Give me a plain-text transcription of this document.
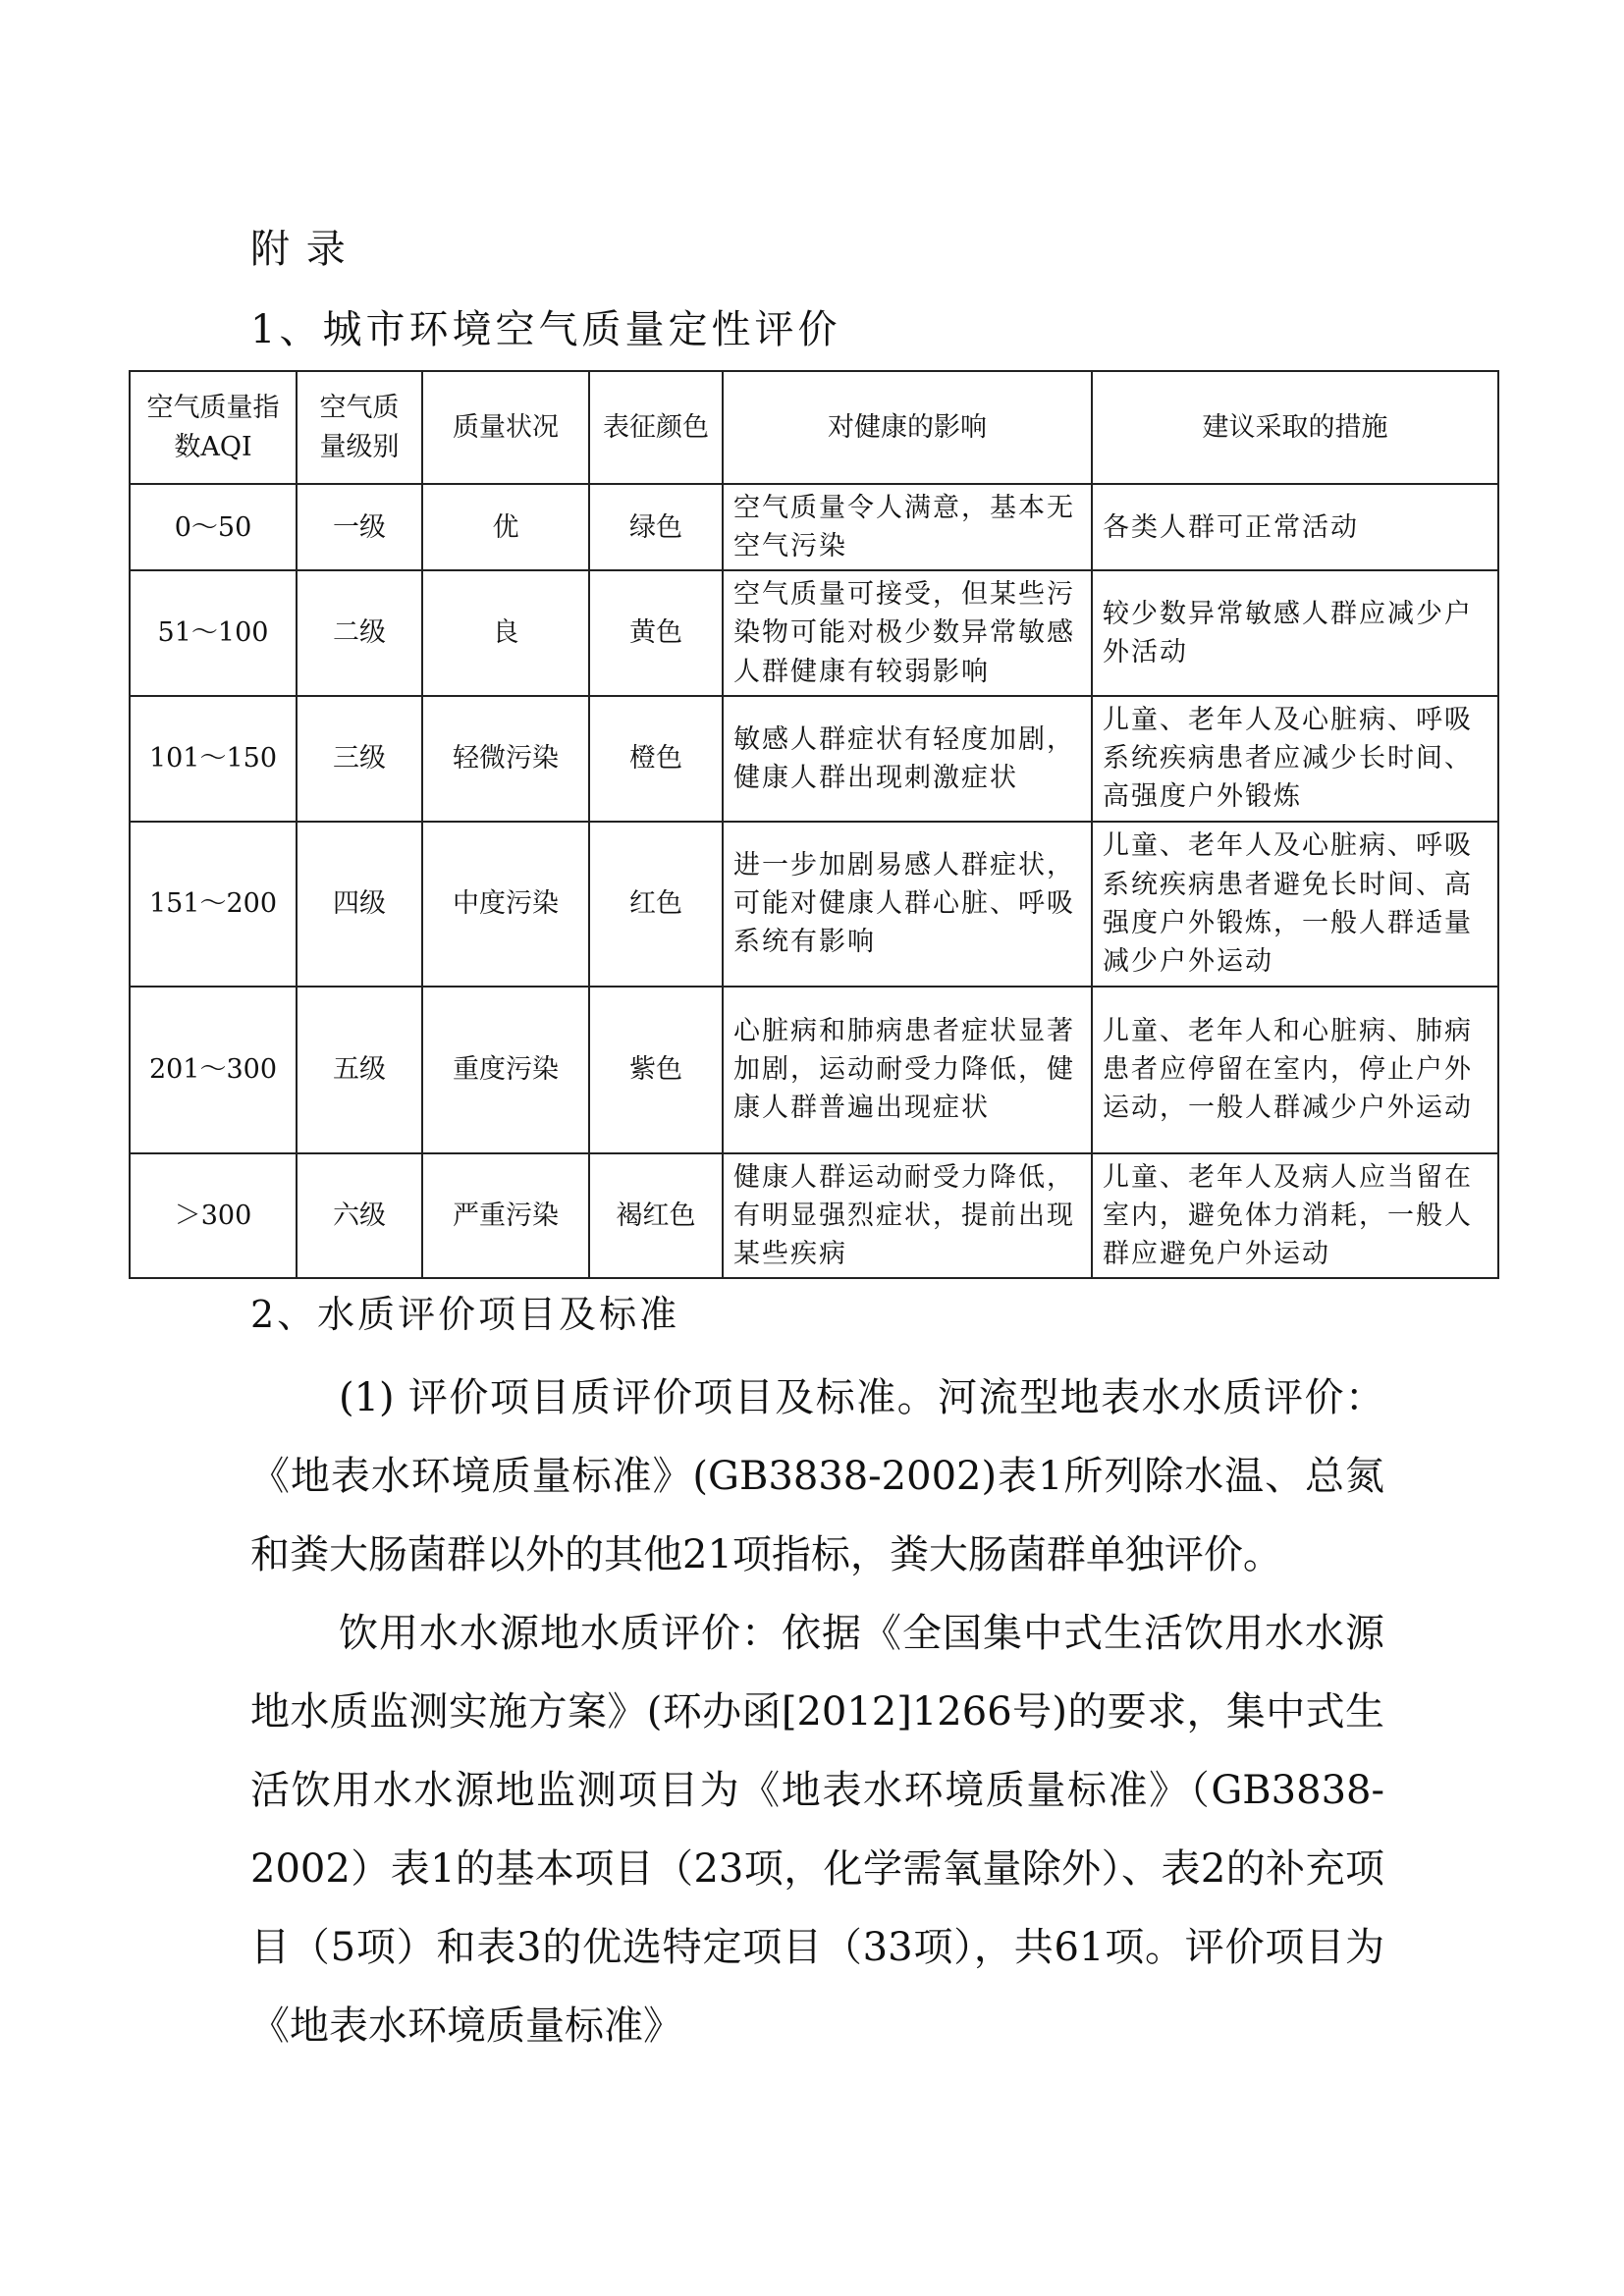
附 录
1、城市环境空气质量定性评价
空气质量指数AQI	空气质量级别	质量状况	表征颜色	对健康的影响	建议采取的措施
0～50	一级	优	绿色	空气质量令人满意，基本无空气污染	各类人群可正常活动
51～100	二级	良	黄色	空气质量可接受，但某些污染物可能对极少数异常敏感人群健康有较弱影响	较少数异常敏感人群应减少户外活动
101～150	三级	轻微污染	橙色	敏感人群症状有轻度加剧，健康人群出现刺激症状	儿童、老年人及心脏病、呼吸系统疾病患者应减少长时间、高强度户外锻炼
151～200	四级	中度污染	红色	进一步加剧易感人群症状，可能对健康人群心脏、呼吸系统有影响	儿童、老年人及心脏病、呼吸系统疾病患者避免长时间、高强度户外锻炼，一般人群适量减少户外运动
201～300	五级	重度污染	紫色	心脏病和肺病患者症状显著加剧，运动耐受力降低，健康人群普遍出现症状	儿童、老年人和心脏病、肺病患者应停留在室内，停止户外运动，一般人群减少户外运动
＞300	六级	严重污染	褐红色	健康人群运动耐受力降低，有明显强烈症状，提前出现某些疾病	儿童、老年人及病人应当留在室内，避免体力消耗，一般人群应避免户外运动
2、水质评价项目及标准

(1) 评价项目质评价项目及标准。河流型地表水水质评价：《地表水环境质量标准》(GB3838-2002)表1所列除水温、总氮和粪大肠菌群以外的其他21项指标，粪大肠菌群单独评价。

饮用水水源地水质评价：依据《全国集中式生活饮用水水源地水质监测实施方案》(环办函[2012]1266号)的要求，集中式生活饮用水水源地监测项目为《地表水环境质量标准》（GB3838-2002）表1的基本项目（23项，化学需氧量除外）、表2的补充项目（5项）和表3的优选特定项目（33项），共61项。评价项目为《地表水环境质量标准》
